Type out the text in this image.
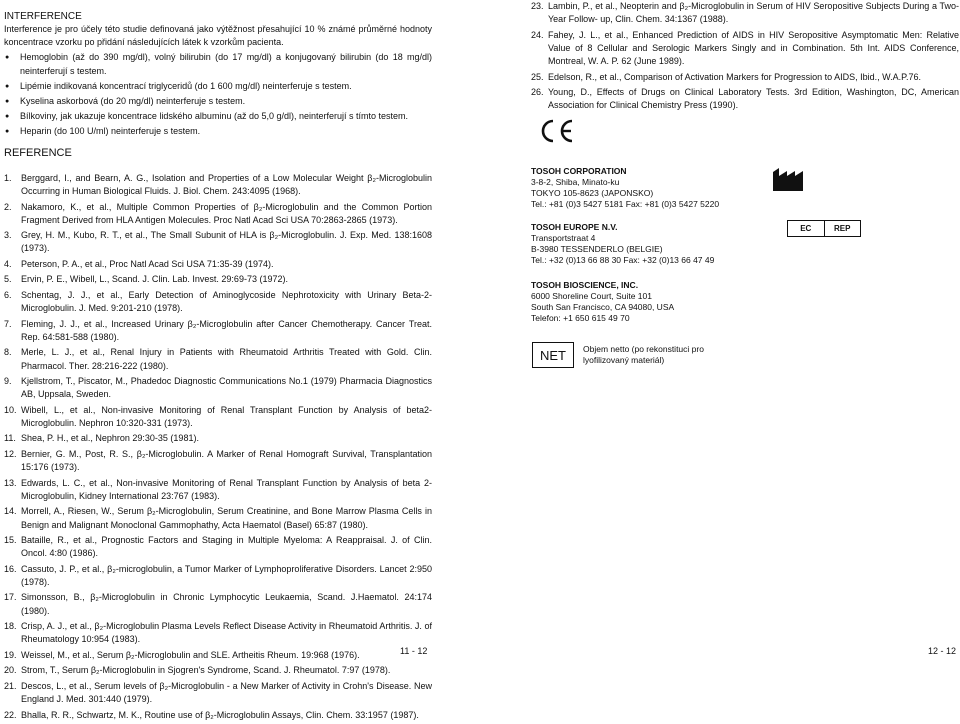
INTERFERENCE
Interference je pro účely této studie definovaná jako výtěžnost přesahující 10 % známé průměrné hodnoty koncentrace vzorku po přidání následujících látek k vzorkům pacienta.
● Hemoglobin (až do 390 mg/dl), volný bilirubin (do 17 mg/dl) a konjugovaný bilirubin (do 18 mg/dl) neinterferují s testem.
● Lipémie indikovaná koncentrací triglyceridů (do 1 600 mg/dl) neinterferuje s testem.
● Kyselina askorbová (do 20 mg/dl) neinterferuje s testem.
● Bílkoviny, jak ukazuje koncentrace lidského albuminu (až do 5,0 g/dl), neinterferují s tímto testem.
● Heparin (do 100 U/ml) neinterferuje s testem.
REFERENCE
1. Berggard, I., and Bearn, A. G., Isolation and Properties of a Low Molecular Weight β₂-Microglobulin Occurring in Human Biological Fluids. J. Biol. Chem. 243:4095 (1968).
2. Nakamoro, K., et al., Multiple Common Properties of β₂-Microglobulin and the Common Portion Fragment Derived from HLA Antigen Molecules. Proc Natl Acad Sci USA 70:2863-2865 (1973).
3. Grey, H. M., Kubo, R. T., et al., The Small Subunit of HLA is β₂-Microglobulin. J. Exp. Med. 138:1608 (1973).
4. Peterson, P. A., et al., Proc Natl Acad Sci USA 71:35-39 (1974).
5. Ervin, P. E., Wibell, L., Scand. J. Clin. Lab. Invest. 29:69-73 (1972).
6. Schentag, J. J., et al., Early Detection of Aminoglycoside Nephrotoxicity with Urinary Beta-2-Microglobulin. J. Med. 9:201-210 (1978).
7. Fleming, J. J., et al., Increased Urinary β₂-Microglobulin after Cancer Chemotherapy. Cancer Treat. Rep. 64:581-588 (1980).
8. Merle, L. J., et al., Renal Injury in Patients with Rheumatoid Arthritis Treated with Gold. Clin. Pharmacol. Ther. 28:216-222 (1980).
9. Kjellstrom, T., Piscator, M., Phadedoc Diagnostic Communications No.1 (1979) Pharmacia Diagnostics AB, Uppsala, Sweden.
10. Wibell, L., et al., Non-invasive Monitoring of Renal Transplant Function by Analysis of beta2-Microglobulin. Nephron 10:320-331 (1973).
11. Shea, P. H., et al., Nephron 29:30-35 (1981).
12. Bernier, G. M., Post, R. S., β₂-Microglobulin. A Marker of Renal Homograft Survival, Transplantation 15:176 (1973).
13. Edwards, L. C., et al., Non-invasive Monitoring of Renal Transplant Function by Analysis of beta 2-Microglobulin, Kidney International 23:767 (1983).
14. Morrell, A., Riesen, W., Serum β₂-Microglobulin, Serum Creatinine, and Bone Marrow Plasma Cells in Benign and Malignant Monoclonal Gammophathy, Acta Haematol (Basel) 65:87 (1980).
15. Bataille, R., et al., Prognostic Factors and Staging in Multiple Myeloma: A Reappraisal. J. of Clin. Oncol. 4:80 (1986).
16. Cassuto, J. P., et al., β₂-microglobulin, a Tumor Marker of Lymphoproliferative Disorders. Lancet 2:950 (1978).
17. Simonsson, B., β₂-Microglobulin in Chronic Lymphocytic Leukaemia, Scand. J.Haematol. 24:174 (1980).
18. Crisp, A. J., et al., β₂-Microglobulin Plasma Levels Reflect Disease Activity in Rheumatoid Arthritis. J. of Rheumatology 10:954 (1983).
19. Weissel, M., et al., Serum β₂-Microglobulin and SLE. Artheitis Rheum. 19:968 (1976).
20. Strom, T., Serum β₂-Microglobulin in Sjogren's Syndrome, Scand. J. Rheumatol. 7:97 (1978).
21. Descos, L., et al., Serum levels of β₂-Microglobulin - a New Marker of Activity in Crohn's Disease. New England J. Med. 301:440 (1979).
22. Bhalla, R. R., Schwartz, M. K., Routine use of β₂-Microglobulin Assays, Clin. Chem. 33:1957 (1987).
11 - 12
23. Lambin, P., et al., Neopterin and β₂-Microglobulin in Serum of HIV Seropositive Subjects During a Two-Year Follow- up, Clin. Chem. 34:1367 (1988).
24. Fahey, J. L., et al., Enhanced Prediction of AIDS in HIV Seropositive Asymptomatic Men: Relative Value of 8 Cellular and Serologic Markers Singly and in Combination. 5th Int. AIDS Conference, Montreal, W. A. P. 62 (June 1989).
25. Edelson, R., et al., Comparison of Activation Markers for Progression to AIDS, Ibid., W.A.P.76.
26. Young, D., Effects of Drugs on Clinical Laboratory Tests. 3rd Edition, Washington, DC, American Association for Clinical Chemistry Press (1990).
TOSOH CORPORATION
3-8-2, Shiba, Minato-ku
TOKYO 105-8623 (JAPONSKO)
Tel.: +81 (0)3 5427 5181 Fax: +81 (0)3 5427 5220
TOSOH EUROPE N.V.
Transportstraat 4
B-3980 TESSENDERLO (BELGIE)
Tel.: +32 (0)13 66 88 30 Fax: +32 (0)13 66 47 49
EC	REP
TOSOH BIOSCIENCE, INC.
6000 Shoreline Court, Suite 101
South San Francisco, CA 94080, USA
Telefon: +1 650 615 49 70
NET	Objem netto (po rekonstituci pro lyofilizovaný materiál)
12 - 12
